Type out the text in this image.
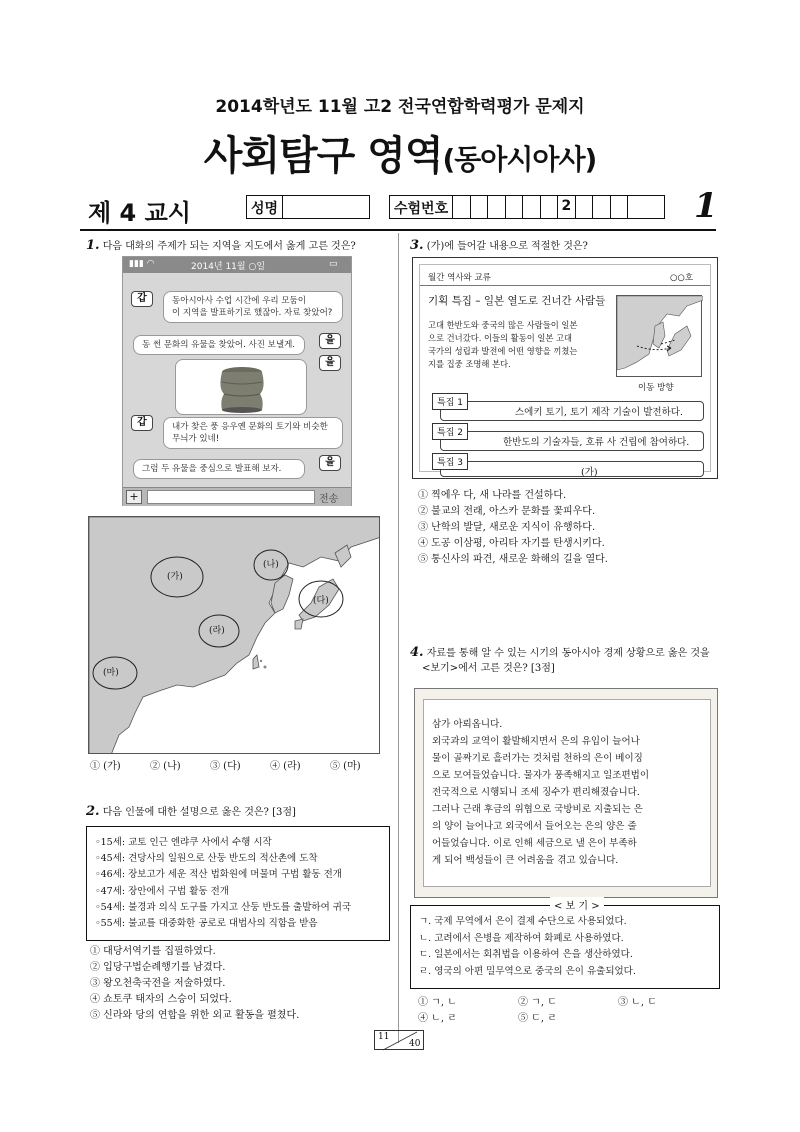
2014학년도 11월 고2 전국연합학력평가 문제지
사회탐구 영역(동아시아사)
제 4 교시	성명	수험번호	2	1
1. 다음 대화의 주제가 되는 지역을 지도에서 옳게 고른 것은?
▮▮▮ ◠	2014년 11월 ○일	▭
갑	동아시아사 수업 시간에 우리 모둠이
이 지역을 발표하기로 했잖아. 자료 찾았어?
동 썬 문화의 유물을 찾았어. 사진 보낼게.	을
을
갑	내가 찾은 풍 응우옌 문화의 토기와 비슷한
무늬가 있네!
그럼 두 유물을 중심으로 발표해 보자.
을
+	전송
(가)
(나)
(다)
(라)
(마)
① (가)	② (나)	③ (다)	④ (라)	⑤ (마)
2. 다음 인물에 대한 설명으로 옳은 것은? [3점]
◦15세: 교토 인근 엔랴쿠 사에서 수행 시작
◦45세: 견당사의 일원으로 산둥 반도의 적산촌에 도착
◦46세: 장보고가 세운 적산 법화원에 머물며 구법 활동 전개
◦47세: 장안에서 구법 활동 전개
◦54세: 불경과 의식 도구를 가지고 산둥 반도를 출발하여 귀국
◦55세: 불교를 대중화한 공로로 대법사의 직함을 받음
① 대당서역기를 집필하였다.
② 입당구법순례행기를 남겼다.
③ 왕오천축국전을 저술하였다.
④ 쇼토쿠 태자의 스승이 되었다.
⑤ 신라와 당의 연합을 위한 외교 활동을 펼쳤다.
3. (가)에 들어갈 내용으로 적절한 것은?
월간 역사와 교류	○○호
기획 특집 – 일본 열도로 건너간 사람들
고대 한반도와 중국의 많은 사람들이 일본
으로 건너갔다. 이들의 활동이 일본 고대
국가의 성립과 발전에 어떤 영향을 끼쳤는
지를 집중 조명해 본다.
이동 방향
스에키 토기, 토기 제작 기술이 발전하다.
특집 1
한반도의 기술자들, 호류 사 건립에 참여하다.
특집 2
(가)
특집 3
① 찍에우 다, 새 나라를 건설하다.
② 불교의 전래, 아스카 문화를 꽃피우다.
③ 난학의 발달, 새로운 지식이 유행하다.
④ 도공 이삼평, 아리타 자기를 탄생시키다.
⑤ 통신사의 파견, 새로운 화해의 길을 열다.
4. 자료를 통해 알 수 있는 시기의 동아시아 경제 상황으로 옳은 것을
<보기>에서 고른 것은? [3점]
삼가 아뢰옵니다.
외국과의 교역이 활발해지면서 은의 유입이 늘어나
물이 골짜기로 흘러가는 것처럼 천하의 은이 베이징
으로 모여들었습니다. 물자가 풍족해지고 일조편법이
전국적으로 시행되니 조세 징수가 편리해졌습니다.
그러나 근래 후금의 위협으로 국방비로 지출되는 은
의 양이 늘어나고 외국에서 들어오는 은의 양은 줄
어들었습니다. 이로 인해 세금으로 낼 은이 부족하
게 되어 백성들이 큰 어려움을 겪고 있습니다.
ㄱ. 국제 무역에서 은이 결제 수단으로 사용되었다.
ㄴ. 고려에서 은병을 제작하여 화폐로 사용하였다.
ㄷ. 일본에서는 회취법을 이용하여 은을 생산하였다.
ㄹ. 영국의 아편 밀무역으로 중국의 은이 유출되었다.
< 보 기 >
① ㄱ, ㄴ	② ㄱ, ㄷ	③ ㄴ, ㄷ
④ ㄴ, ㄹ	⑤ ㄷ, ㄹ
11
40
